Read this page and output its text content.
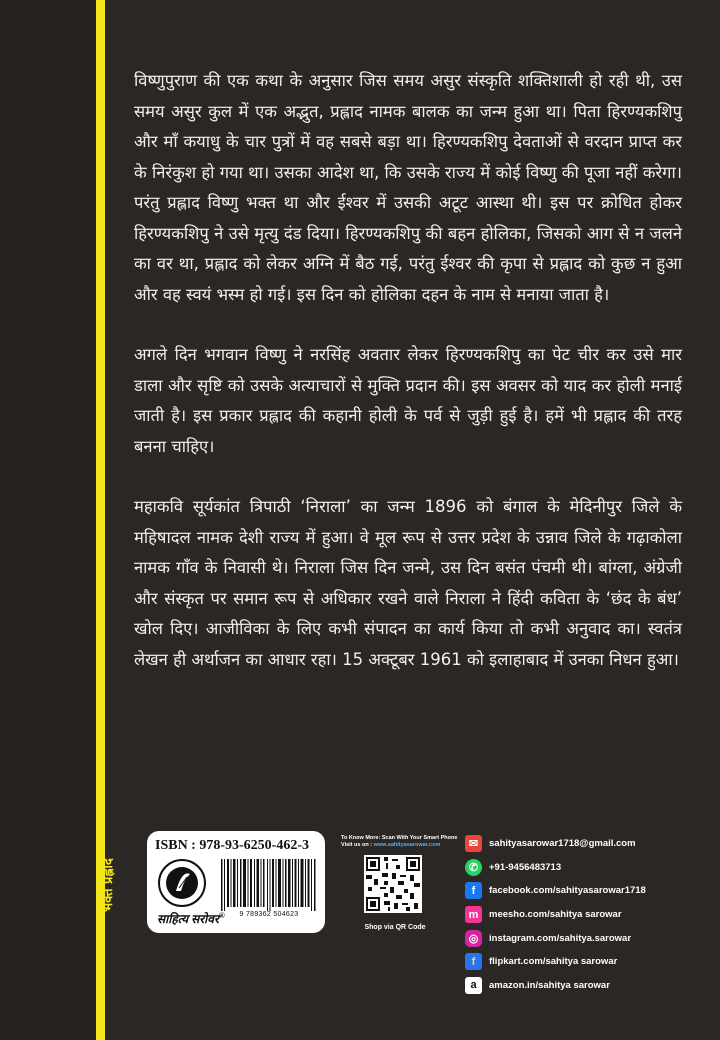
भक्त प्रह्लाद

विष्णुपुराण की एक कथा के अनुसार जिस समय असुर संस्कृति शक्तिशाली हो रही थी, उस समय असुर कुल में एक अद्भुत, प्रह्लाद नामक बालक का जन्म हुआ था। पिता हिरण्यकशिपु और माँ कयाधु के चार पुत्रों में वह सबसे बड़ा था। हिरण्यकशिपु देवताओं से वरदान प्राप्त कर के निरंकुश हो गया था। उसका आदेश था, कि उसके राज्य में कोई विष्णु की पूजा नहीं करेगा। परंतु प्रह्लाद विष्णु भक्त था और ईश्वर में उसकी अटूट आस्था थी। इस पर क्रोधित होकर हिरण्यकशिपु ने उसे मृत्यु दंड दिया। हिरण्यकशिपु की बहन होलिका, जिसको आग से न जलने का वर था, प्रह्लाद को लेकर अग्नि में बैठ गई, परंतु ईश्वर की कृपा से प्रह्लाद को कुछ न हुआ और वह स्वयं भस्म हो गई। इस दिन को होलिका दहन के नाम से मनाया जाता है।

अगले दिन भगवान विष्णु ने नरसिंह अवतार लेकर हिरण्यकशिपु का पेट चीर कर उसे मार डाला और सृष्टि को उसके अत्याचारों से मुक्ति प्रदान की। इस अवसर को याद कर होली मनाई जाती है। इस प्रकार प्रह्लाद की कहानी होली के पर्व से जुड़ी हुई है। हमें भी प्रह्लाद की तरह बनना चाहिए।

महाकवि सूर्यकांत त्रिपाठी ‘निराला’ का जन्म 1896 को बंगाल के मेदिनीपुर जिले के महिषादल नामक देशी राज्य में हुआ। वे मूल रूप से उत्तर प्रदेश के उन्नाव जिले के गढ़ाकोला नामक गाँव के निवासी थे। निराला जिस दिन जन्मे, उस दिन बसंत पंचमी थी। बांग्ला, अंग्रेजी और संस्कृत पर समान रूप से अधिकार रखने वाले निराला ने हिंदी कविता के ‘छंद के बंध’ खोल दिए। आजीविका के लिए कभी संपादन का कार्य किया तो कभी अनुवाद का। स्वतंत्र लेखन ही अर्थाजन का आधार रहा। 15 अक्टूबर 1961 को इलाहाबाद में उनका निधन हुआ।

ISBN : 978-93-6250-462-3
साहित्य सरोवर®	9 789362 504623
To Know More: Scan With Your Smart Phone
Visit us on : www.sahityasarowar.com
Shop via QR Code
✉	sahityasarowar1718@gmail.com
✆	+91-9456483713
f	facebook.com/sahityasarowar1718
m	meesho.com/sahitya sarowar
◎	instagram.com/sahitya.sarowar
f	flipkart.com/sahitya sarowar
a	amazon.in/sahitya sarowar
